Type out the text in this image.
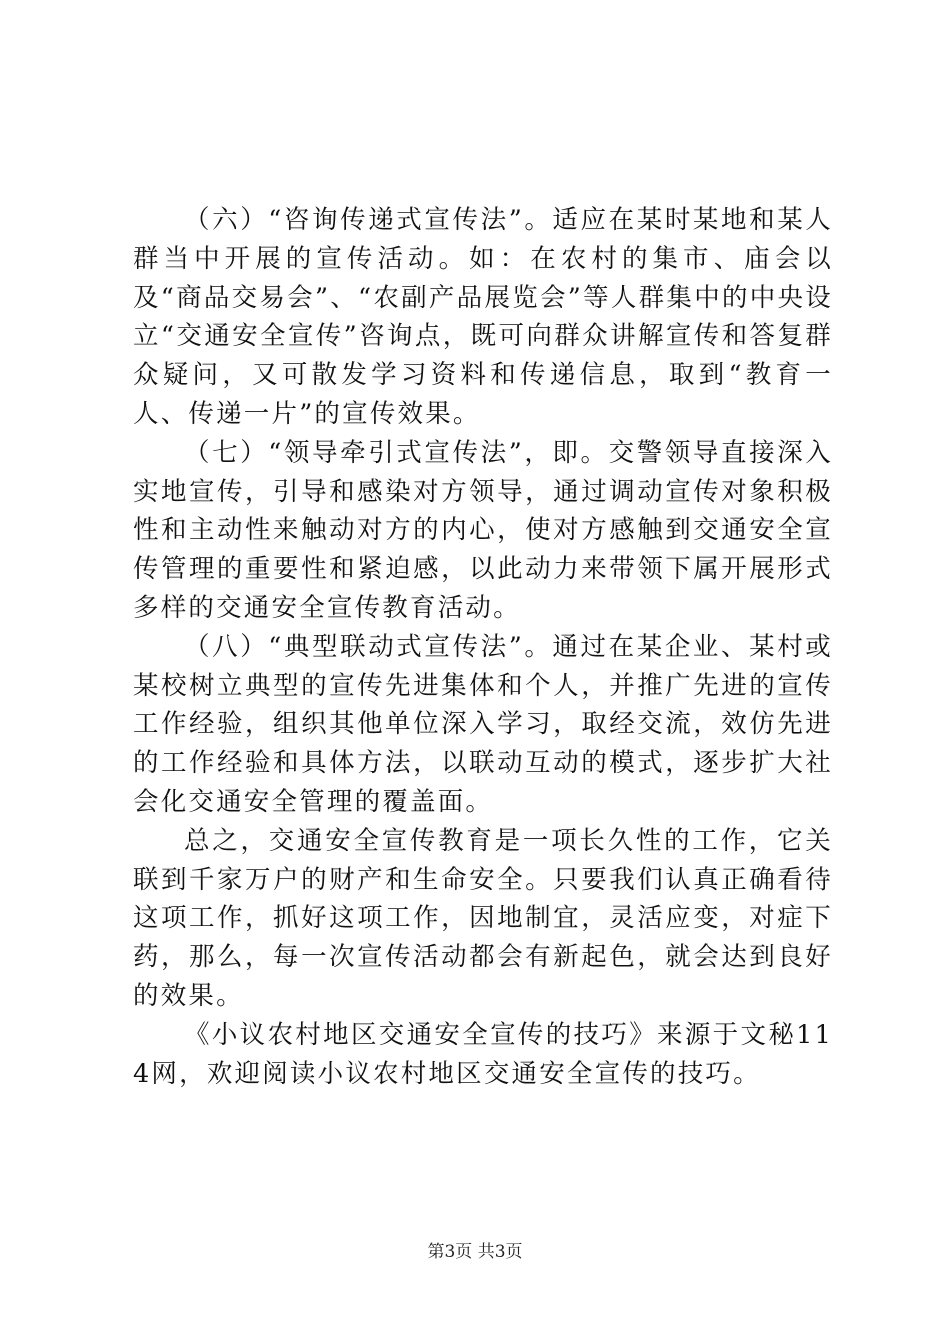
（六）“咨询传递式宣传法”。适应在某时某地和某人群当中开展的宣传活动。如：在农村的集市、庙会以及“商品交易会”、“农副产品展览会”等人群集中的中央设立“交通安全宣传”咨询点，既可向群众讲解宣传和答复群众疑问，又可散发学习资料和传递信息，取到“教育一人、传递一片”的宣传效果。

（七）“领导牵引式宣传法”，即。交警领导直接深入实地宣传，引导和感染对方领导，通过调动宣传对象积极性和主动性来触动对方的内心，使对方感触到交通安全宣传管理的重要性和紧迫感，以此动力来带领下属开展形式多样的交通安全宣传教育活动。

（八）“典型联动式宣传法”。通过在某企业、某村或某校树立典型的宣传先进集体和个人，并推广先进的宣传工作经验，组织其他单位深入学习，取经交流，效仿先进的工作经验和具体方法，以联动互动的模式，逐步扩大社会化交通安全管理的覆盖面。

总之，交通安全宣传教育是一项长久性的工作，它关联到千家万户的财产和生命安全。只要我们认真正确看待这项工作，抓好这项工作，因地制宜，灵活应变，对症下药，那么，每一次宣传活动都会有新起色，就会达到良好的效果。

《小议农村地区交通安全宣传的技巧》来源于文秘114网，欢迎阅读小议农村地区交通安全宣传的技巧。

第3页 共3页
